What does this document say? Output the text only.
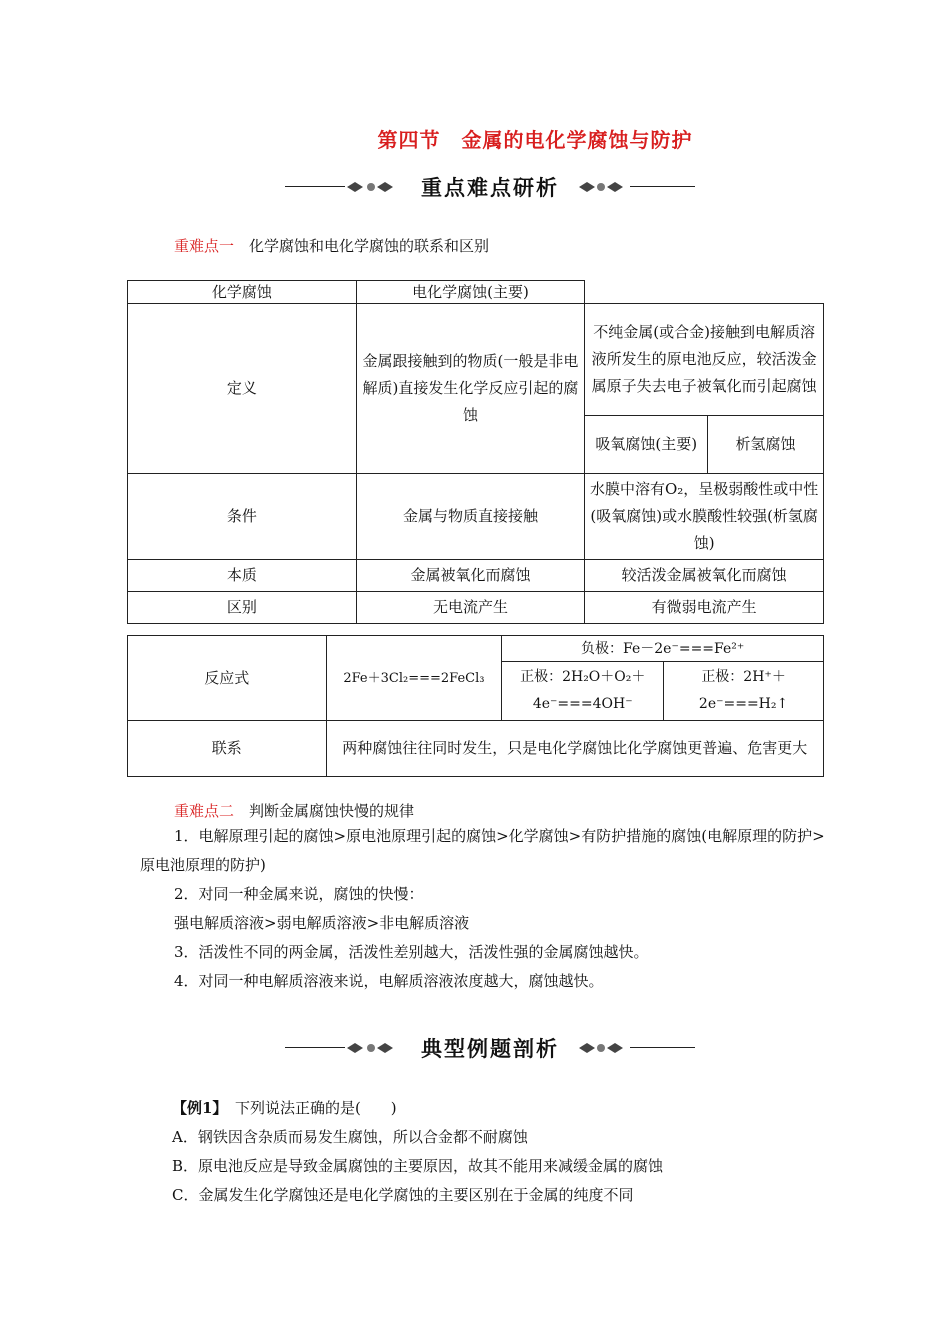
第四节　金属的电化学腐蚀与防护
重点难点研析
重难点一　 化学腐蚀和电化学腐蚀的联系和区别
化学腐蚀	电化学腐蚀(主要)		
定义	金属跟接触到的物质(一般是非电解质)直接发生化学反应引起的腐蚀	不纯金属(或合金)接触到电解质溶液所发生的原电池反应，较活泼金属原子失去电子被氧化而引起腐蚀	
		吸氧腐蚀(主要)	析氢腐蚀
条件	金属与物质直接接触	水膜中溶有O₂，呈极弱酸性或中性(吸氧腐蚀)或水膜酸性较强(析氢腐蚀)	
本质	金属被氧化而腐蚀	较活泼金属被氧化而腐蚀	
区别	无电流产生	有微弱电流产生	
反应式	2Fe＋3Cl₂===2FeCl₃	负极：Fe－2e⁻===Fe²⁺	
		正极：2H₂O＋O₂＋4e⁻===4OH⁻	正极：2H⁺＋2e⁻===H₂↑
联系	两种腐蚀往往同时发生，只是电化学腐蚀比化学腐蚀更普遍、危害更大		
重难点二　 判断金属腐蚀快慢的规律

1．电解原理引起的腐蚀>原电池原理引起的腐蚀>化学腐蚀>有防护措施的腐蚀(电解原理的防护>原电池原理的防护)

2．对同一种金属来说，腐蚀的快慢：

强电解质溶液>弱电解质溶液>非电解质溶液

3．活泼性不同的两金属，活泼性差别越大，活泼性强的金属腐蚀越快。

4．对同一种电解质溶液来说，电解质溶液浓度越大，腐蚀越快。

典型例题剖析

【例1】　 下列说法正确的是(　　)

A．钢铁因含杂质而易发生腐蚀，所以合金都不耐腐蚀

B．原电池反应是导致金属腐蚀的主要原因，故其不能用来减缓金属的腐蚀

C．金属发生化学腐蚀还是电化学腐蚀的主要区别在于金属的纯度不同
